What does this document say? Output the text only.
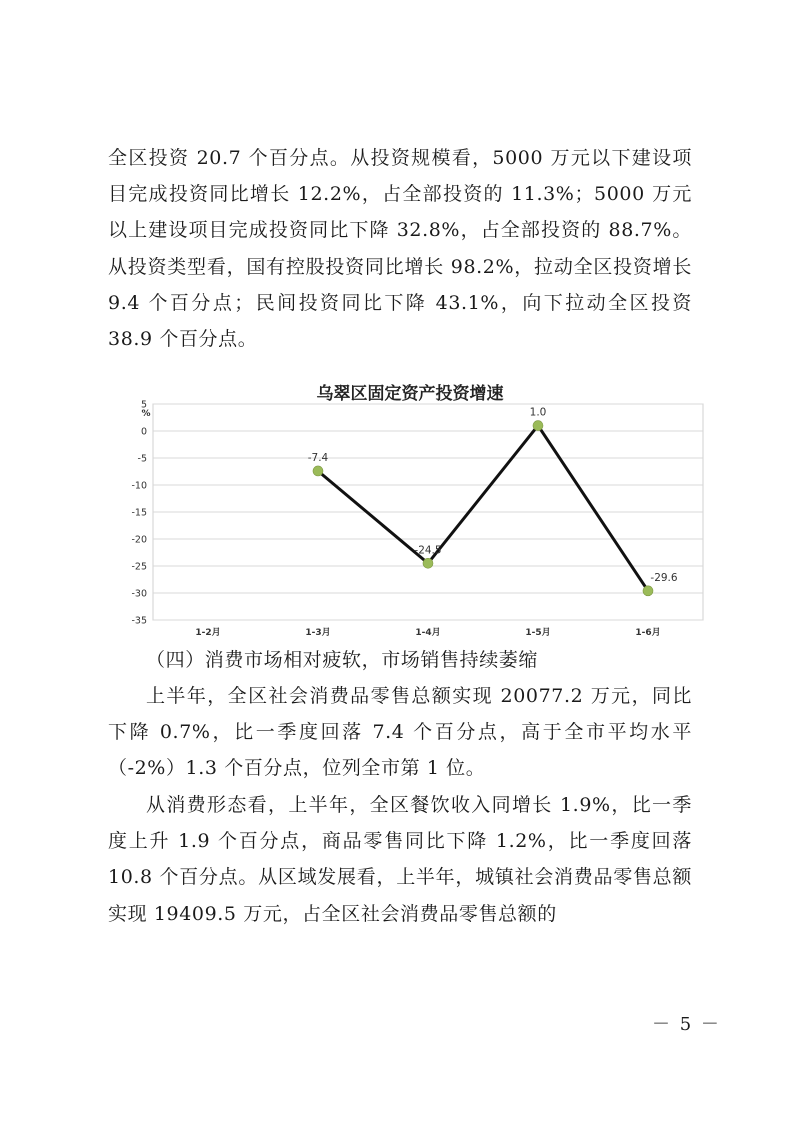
全区投资 20.7 个百分点。从投资规模看，5000 万元以下建设项目完成投资同比增长 12.2%，占全部投资的 11.3%；5000 万元以上建设项目完成投资同比下降 32.8%，占全部投资的 88.7%。从投资类型看，国有控股投资同比增长 98.2%，拉动全区投资增长 9.4 个百分点；民间投资同比下降 43.1%，向下拉动全区投资 38.9 个百分点。

乌翠区固定资产投资增速
%
5
0
-5
-10
-15
-20
-25
-30
-35
1-2月	1-3月	1-4月	1-5月	1-6月
-7.4
-24.5
1.0
-29.6

（四）消费市场相对疲软，市场销售持续萎缩

上半年，全区社会消费品零售总额实现 20077.2 万元，同比下降 0.7%，比一季度回落 7.4 个百分点，高于全市平均水平（-2%）1.3 个百分点，位列全市第 1 位。

从消费形态看，上半年，全区餐饮收入同增长 1.9%，比一季度上升 1.9 个百分点，商品零售同比下降 1.2%，比一季度回落 10.8 个百分点。从区域发展看，上半年，城镇社会消费品零售总额实现 19409.5 万元，占全区社会消费品零售总额的

－ 5 －
